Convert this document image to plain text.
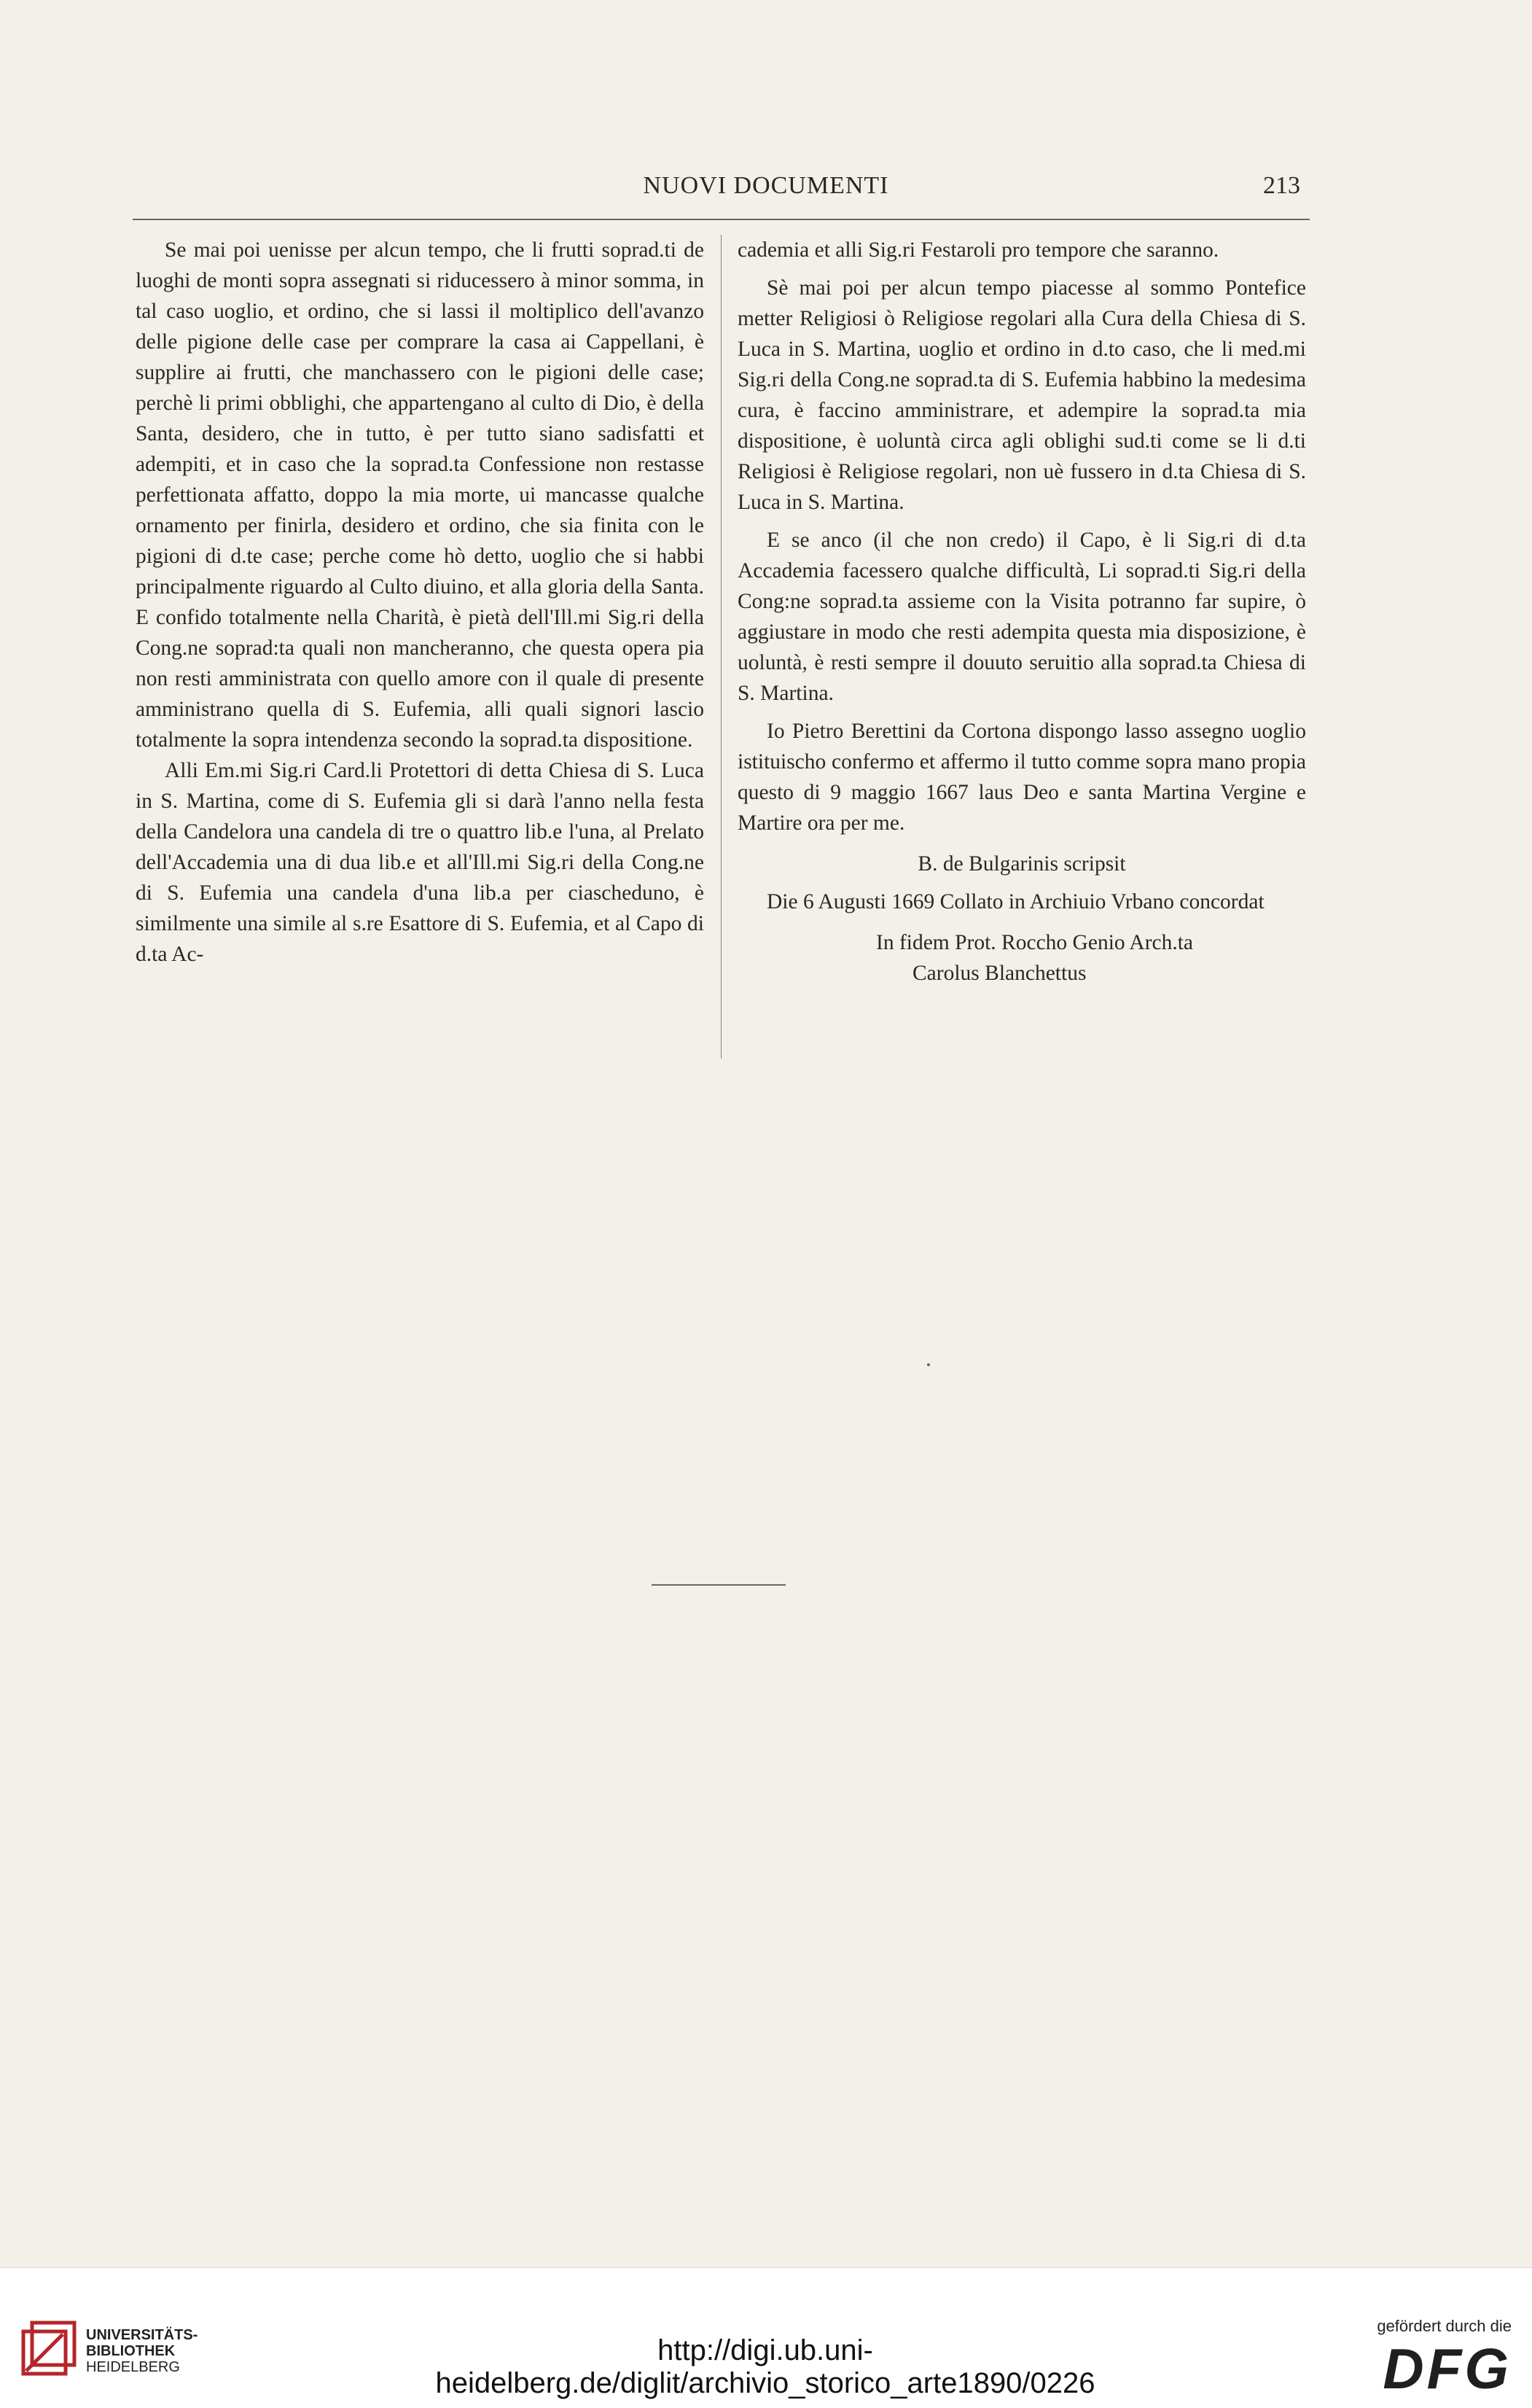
NUOVI DOCUMENTI	213

Se mai poi uenisse per alcun tempo, che li frutti soprad.ti de luoghi de monti sopra assegnati si riducessero à minor somma, in tal caso uoglio, et ordino, che si lassi il moltiplico dell'avanzo delle pigione delle case per comprare la casa ai Cappellani, è supplire ai frutti, che manchassero con le pigioni delle case; perchè li primi obblighi, che appartengano al culto di Dio, è della Santa, desidero, che in tutto, è per tutto siano sadisfatti et adempiti, et in caso che la soprad.ta Confessione non restasse perfettionata affatto, doppo la mia morte, ui mancasse qualche ornamento per finirla, desidero et ordino, che sia finita con le pigioni di d.te case; perche come hò detto, uoglio che si habbi principalmente riguardo al Culto diuino, et alla gloria della Santa. E confido totalmente nella Charità, è pietà dell'Ill.mi Sig.ri della Cong.ne soprad:ta quali non mancheranno, che questa opera pia non resti amministrata con quello amore con il quale di presente amministrano quella di S. Eufemia, alli quali signori lascio totalmente la sopra intendenza secondo la soprad.ta dispositione.

Alli Em.mi Sig.ri Card.li Protettori di detta Chiesa di S. Luca in S. Martina, come di S. Eufemia gli si darà l'anno nella festa della Candelora una candela di tre o quattro lib.e l'una, al Prelato dell'Accademia una di dua lib.e et all'Ill.mi Sig.ri della Cong.ne di S. Eufemia una candela d'una lib.a per ciascheduno, è similmente una simile al s.re Esattore di S. Eufemia, et al Capo di d.ta Ac-

cademia et alli Sig.ri Festaroli pro tempore che saranno.

Sè mai poi per alcun tempo piacesse al sommo Pontefice metter Religiosi ò Religiose regolari alla Cura della Chiesa di S. Luca in S. Martina, uoglio et ordino in d.to caso, che li med.mi Sig.ri della Cong.ne soprad.ta di S. Eufemia habbino la medesima cura, è faccino amministrare, et adempire la soprad.ta mia dispositione, è uoluntà circa agli oblighi sud.ti come se li d.ti Religiosi è Religiose regolari, non uè fussero in d.ta Chiesa di S. Luca in S. Martina.

E se anco (il che non credo) il Capo, è li Sig.ri di d.ta Accademia facessero qualche difficultà, Li soprad.ti Sig.ri della Cong:ne soprad.ta assieme con la Visita potranno far supire, ò aggiustare in modo che resti adempita questa mia disposizione, è uoluntà, è resti sempre il douuto seruitio alla soprad.ta Chiesa di S. Martina.

Io Pietro Berettini da Cortona dispongo lasso assegno uoglio istituischo confermo et affermo il tutto comme sopra mano propia questo di 9 maggio 1667 laus Deo e santa Martina Vergine e Martire ora per me.

B. de Bulgarinis scripsit

Die 6 Augusti 1669 Collato in Archiuio Vrbano concordat

In fidem Prot. Roccho Genio Arch.ta

Carolus Blanchettus

UNIVERSITÄTS-
BIBLIOTHEK
HEIDELBERG
http://digi.ub.uni-heidelberg.de/diglit/archivio_storico_arte1890/0226
gefördert durch die
DFG
